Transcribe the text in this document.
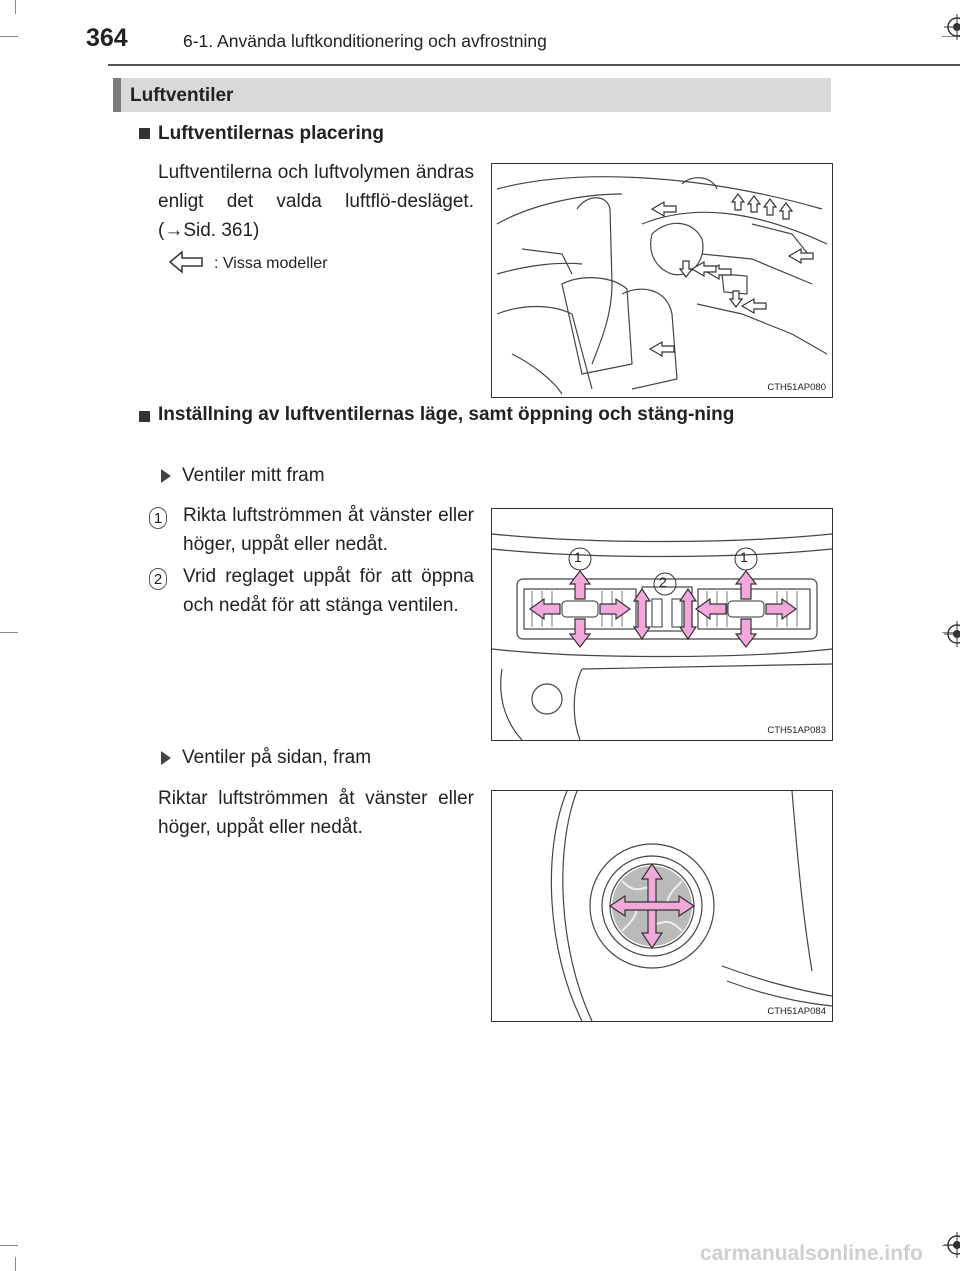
364	6-1. Använda luftkonditionering och avfrostning
Luftventiler
Luftventilernas placering
Luftventilerna och luftvolymen ändras enligt det valda luftflö-desläget. (→Sid. 361)
: Vissa modeller
CTH51AP080
Inställning av luftventilernas läge, samt öppning och stäng-ning
Ventiler mitt fram
1 Rikta luftströmmen åt vänster eller höger, uppåt eller nedåt.
2 Vrid reglaget uppåt för att öppna och nedåt för att stänga ventilen.
1	1
2
CTH51AP083
Ventiler på sidan, fram
Riktar luftströmmen åt vänster eller höger, uppåt eller nedåt.
CTH51AP084
carmanualsonline.info
